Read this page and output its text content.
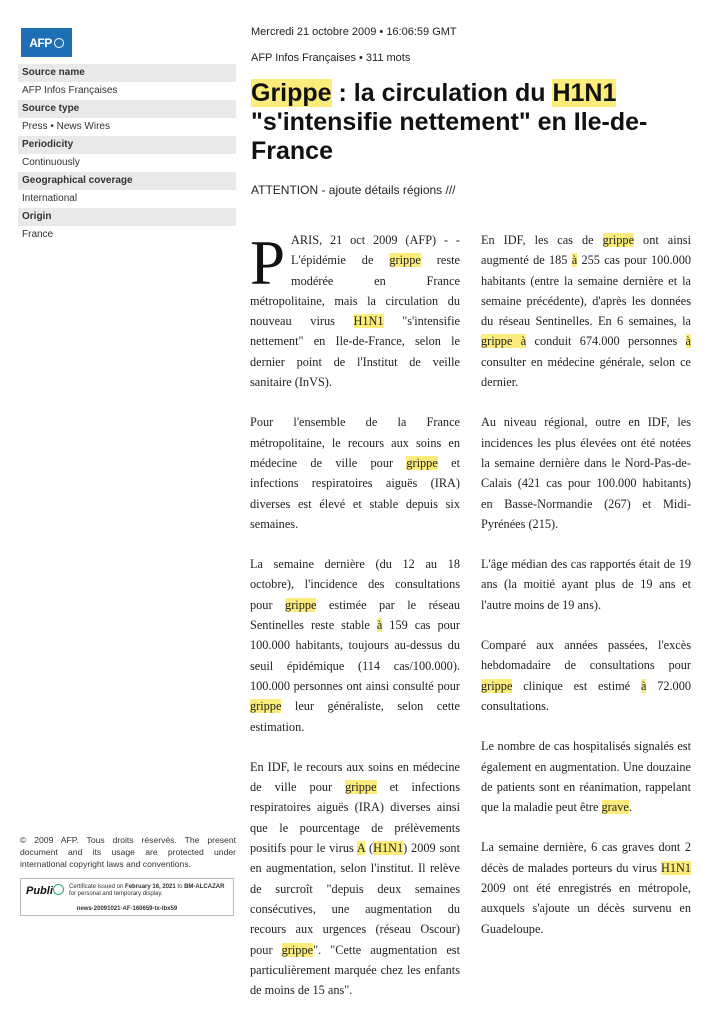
AFP
Source name
AFP Infos Françaises
Source type
Press • News Wires
Periodicity
Continuously
Geographical coverage
International
Origin
France
© 2009 AFP. Tous droits réservés. The present document and its usage are protected under international copyright laws and conventions.
Publi	Certificate issued on February 16, 2021 to BM-ALCAZAR for personal and temporary display.
news·20091021·AF·160659-tx-lbx59
Mercredi 21 octobre 2009 • 16:06:59 GMT
AFP Infos Françaises • 311 mots
Grippe : la circulation du H1N1 "s'intensifie nettement" en Ile-de-France
ATTENTION - ajoute détails régions ///

PARIS, 21 oct 2009 (AFP) - - L'épidémie de grippe reste modérée en France métropolitaine, mais la circulation du nouveau virus H1N1 "s'intensifie nettement" en Ile-de-France, selon le dernier point de l'Institut de veille sanitaire (InVS).

Pour l'ensemble de la France métropolitaine, le recours aux soins en médecine de ville pour grippe et infections respiratoires aiguës (IRA) diverses est élevé et stable depuis six semaines.

La semaine dernière (du 12 au 18 octobre), l'incidence des consultations pour grippe estimée par le réseau Sentinelles reste stable à 159 cas pour 100.000 habitants, toujours au-dessus du seuil épidémique (114 cas/100.000). 100.000 personnes ont ainsi consulté pour grippe leur généraliste, selon cette estimation.

En IDF, le recours aux soins en médecine de ville pour grippe et infections respiratoires aiguës (IRA) diverses ainsi que le pourcentage de prélèvements positifs pour le virus A (H1N1) 2009 sont en augmentation, selon l'institut. Il relève de surcroît "depuis deux semaines consécutives, une augmentation du recours aux urgences (réseau Oscour) pour grippe". "Cette augmentation est particulièrement marquée chez les enfants de moins de 15 ans".

En IDF, les cas de grippe ont ainsi augmenté de 185 à 255 cas pour 100.000 habitants (entre la semaine dernière et la semaine précédente), d'après les données du réseau Sentinelles. En 6 semaines, la grippe à conduit 674.000 personnes à consulter en médecine générale, selon ce dernier.

Au niveau régional, outre en IDF, les incidences les plus élevées ont été notées la semaine dernière dans le Nord-Pas-de-Calais (421 cas pour 100.000 habitants) en Basse-Normandie (267) et Midi-Pyrénées (215).

L'âge médian des cas rapportés était de 19 ans (la moitié ayant plus de 19 ans et l'autre moins de 19 ans).

Comparé aux années passées, l'excès hebdomadaire de consultations pour grippe clinique est estimé à 72.000 consultations.

Le nombre de cas hospitalisés signalés est également en augmentation. Une douzaine de patients sont en réanimation, rappelant que la maladie peut être grave.

La semaine dernière, 6 cas graves dont 2 décès de malades porteurs du virus H1N1 2009 ont été enregistrés en métropole, auxquels s'ajoute un décès survenu en Guadeloupe.
